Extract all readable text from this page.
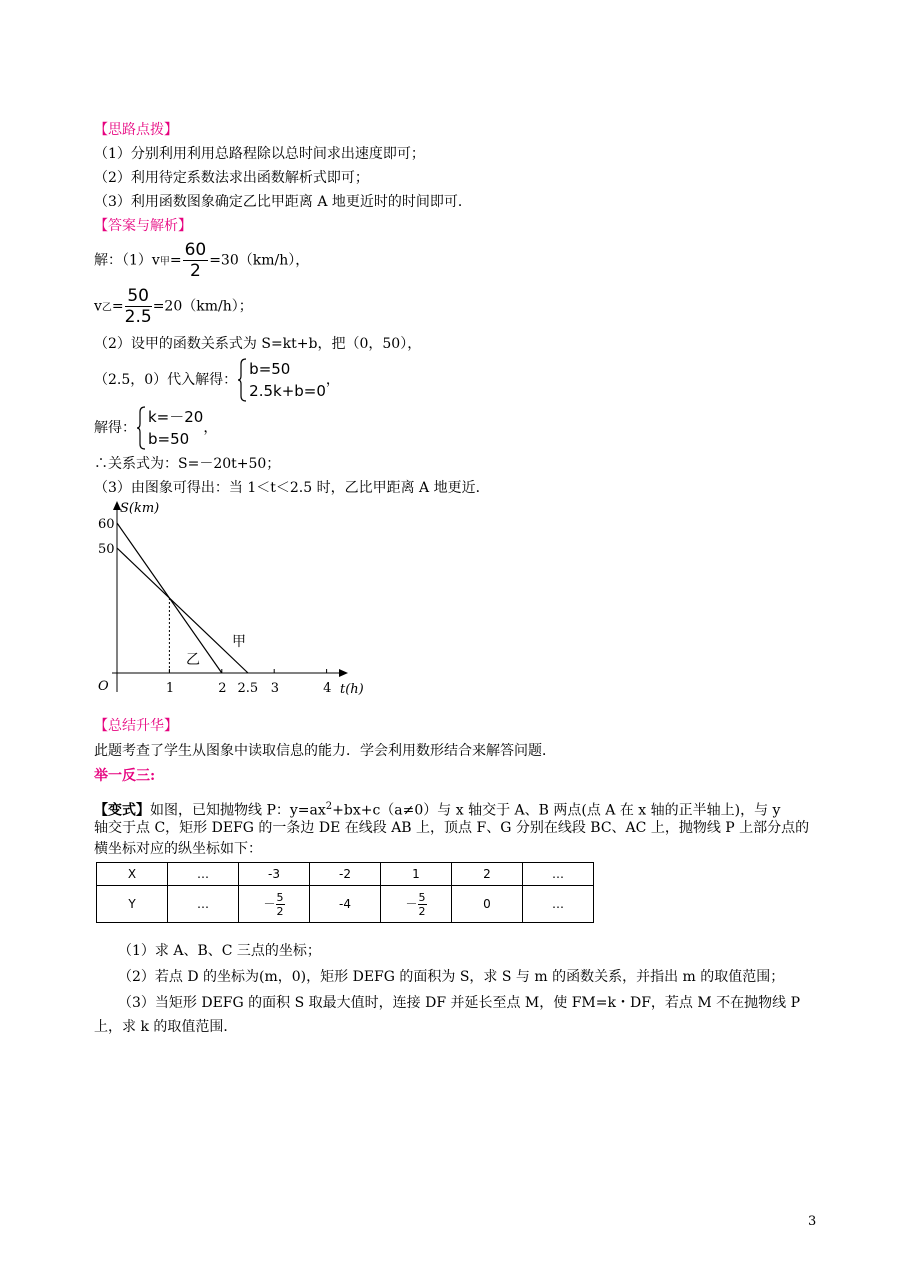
【思路点拨】
（1）分别利用利用总路程除以总时间求出速度即可；
（2）利用待定系数法求出函数解析式即可；
（3）利用函数图象确定乙比甲距离 A 地更近时的时间即可．
【答案与解析】
解：（1）v甲= $\frac{60}{2} =30(km/h)$，
v乙= $\frac{50}{2.5} =20(km/h)$；
（2）设甲的函数关系式为 S=kt+b，把（0，50），
（2.5，0）代入解得：
b=50
2.5k+b=0
，
解得：
k=－20
b=50
，
∴关系式为：S=－20t+50；
（3）由图象可得出：当 1＜t＜2.5 时，乙比甲距离 A 地更近．
S(km)
t(h)
O
60
50
1	2 2.5 3	4
甲
乙
【总结升华】
此题考查了学生从图象中读取信息的能力．学会利用数形结合来解答问题．
举一反三:
【变式】如图，已知抛物线 P：$y=ax^2+bx+c(a\ne 0)$与 x 轴交于 A、B 两点(点 A 在 x 轴的正半轴上)，与 y
轴交于点 C，矩形 DEFG 的一条边 DE 在线段 AB 上，顶点 F、G 分别在线段 BC、AC 上，抛物线 P 上部分点的
横坐标对应的纵坐标如下：
X	…	-3	-2	1	2	…
Y	…	－ $\frac{5}{2}$	-4	－ $\frac{5}{2}$	0	…
（1）求 A、B、C 三点的坐标；
（2）若点 D 的坐标为(m，0)，矩形 DEFG 的面积为 S，求 S 与 m 的函数关系，并指出 m 的取值范围；
（3）当矩形 DEFG 的面积 S 取最大值时，连接 DF 并延长至点 M，使 FM=k・DF，若点 M 不在抛物线 P
上，求 k 的取值范围．
3
